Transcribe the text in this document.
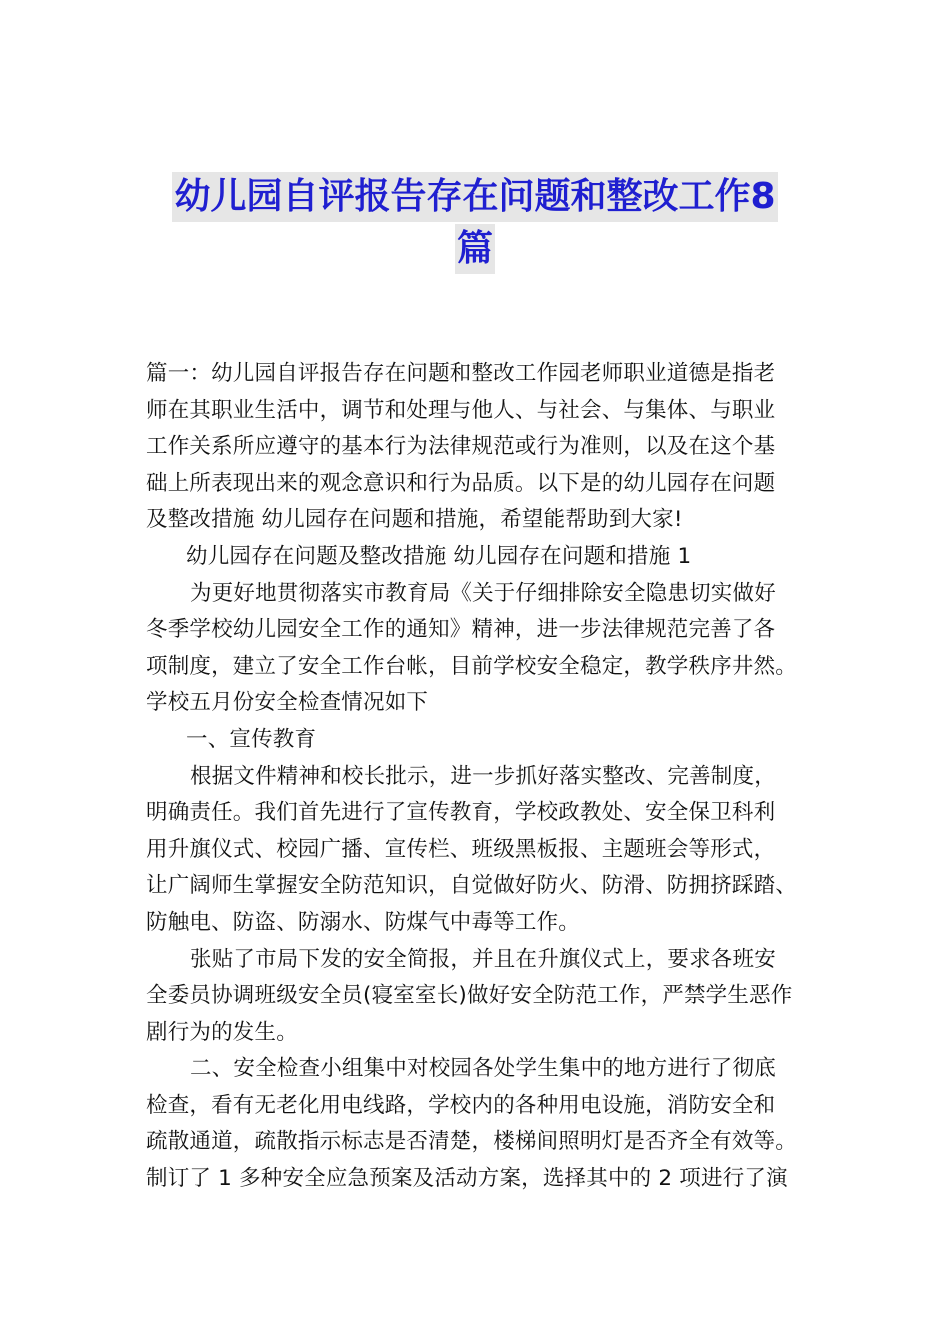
幼儿园自评报告存在问题和整改工作8
篇

篇一：幼儿园自评报告存在问题和整改工作园老师职业道德是指老

师在其职业生活中，调节和处理与他人、与社会、与集体、与职业

工作关系所应遵守的基本行为法律规范或行为准则，以及在这个基

础上所表现出来的观念意识和行为品质。以下是的幼儿园存在问题

及整改措施 幼儿园存在问题和措施，希望能帮助到大家!

幼儿园存在问题及整改措施 幼儿园存在问题和措施 1

为更好地贯彻落实市教育局《关于仔细排除安全隐患切实做好

冬季学校幼儿园安全工作的通知》精神，进一步法律规范完善了各

项制度，建立了安全工作台帐，目前学校安全稳定，教学秩序井然。

学校五月份安全检查情况如下

一、宣传教育

根据文件精神和校长批示，进一步抓好落实整改、完善制度，

明确责任。我们首先进行了宣传教育，学校政教处、安全保卫科利

用升旗仪式、校园广播、宣传栏、班级黑板报、主题班会等形式，

让广阔师生掌握安全防范知识，自觉做好防火、防滑、防拥挤踩踏、

防触电、防盗、防溺水、防煤气中毒等工作。

张贴了市局下发的安全简报，并且在升旗仪式上，要求各班安

全委员协调班级安全员(寝室室长)做好安全防范工作，严禁学生恶作

剧行为的发生。

二、安全检查小组集中对校园各处学生集中的地方进行了彻底

检查，看有无老化用电线路，学校内的各种用电设施，消防安全和

疏散通道，疏散指示标志是否清楚，楼梯间照明灯是否齐全有效等。

制订了 1 多种安全应急预案及活动方案，选择其中的 2 项进行了演
